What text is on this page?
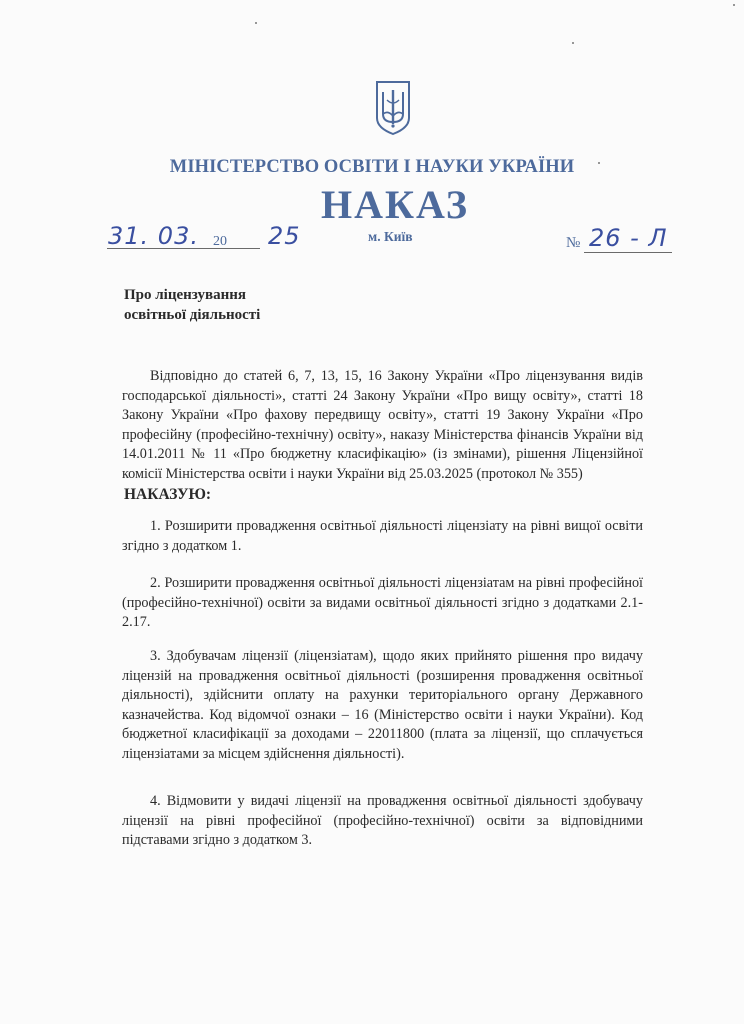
МІНІСТЕРСТВО ОСВІТИ І НАУКИ УКРАЇНИ
НАКАЗ
31. 03.	25
20	м. Київ	№ 26 - Л
Про ліцензування
освітньої діяльності
Відповідно до статей 6, 7, 13, 15, 16 Закону України «Про ліцензування видів господарської діяльності», статті 24 Закону України «Про вищу освіту», статті 18 Закону України «Про фахову передвищу освіту», статті 19 Закону України «Про професійну (професійно-технічну) освіту», наказу Міністерства фінансів України від 14.01.2011 № 11 «Про бюджетну класифікацію» (із змінами), рішення Ліцензійної комісії Міністерства освіти і науки України від 25.03.2025 (протокол № 355)
НАКАЗУЮ:
1. Розширити провадження освітньої діяльності ліцензіату на рівні вищої освіти згідно з додатком 1.
2. Розширити провадження освітньої діяльності ліцензіатам на рівні професійної (професійно-технічної) освіти за видами освітньої діяльності згідно з додатками 2.1-2.17.
3. Здобувачам ліцензії (ліцензіатам), щодо яких прийнято рішення про видачу ліцензій на провадження освітньої діяльності (розширення провадження освітньої діяльності), здійснити оплату на рахунки територіального органу Державного казначейства. Код відомчої ознаки – 16 (Міністерство освіти і науки України). Код бюджетної класифікації за доходами – 22011800 (плата за ліцензії, що сплачується ліцензіатами за місцем здійснення діяльності).
4. Відмовити у видачі ліцензії на провадження освітньої діяльності здобувачу ліцензії на рівні професійної (професійно-технічної) освіти за відповідними підставами згідно з додатком 3.
